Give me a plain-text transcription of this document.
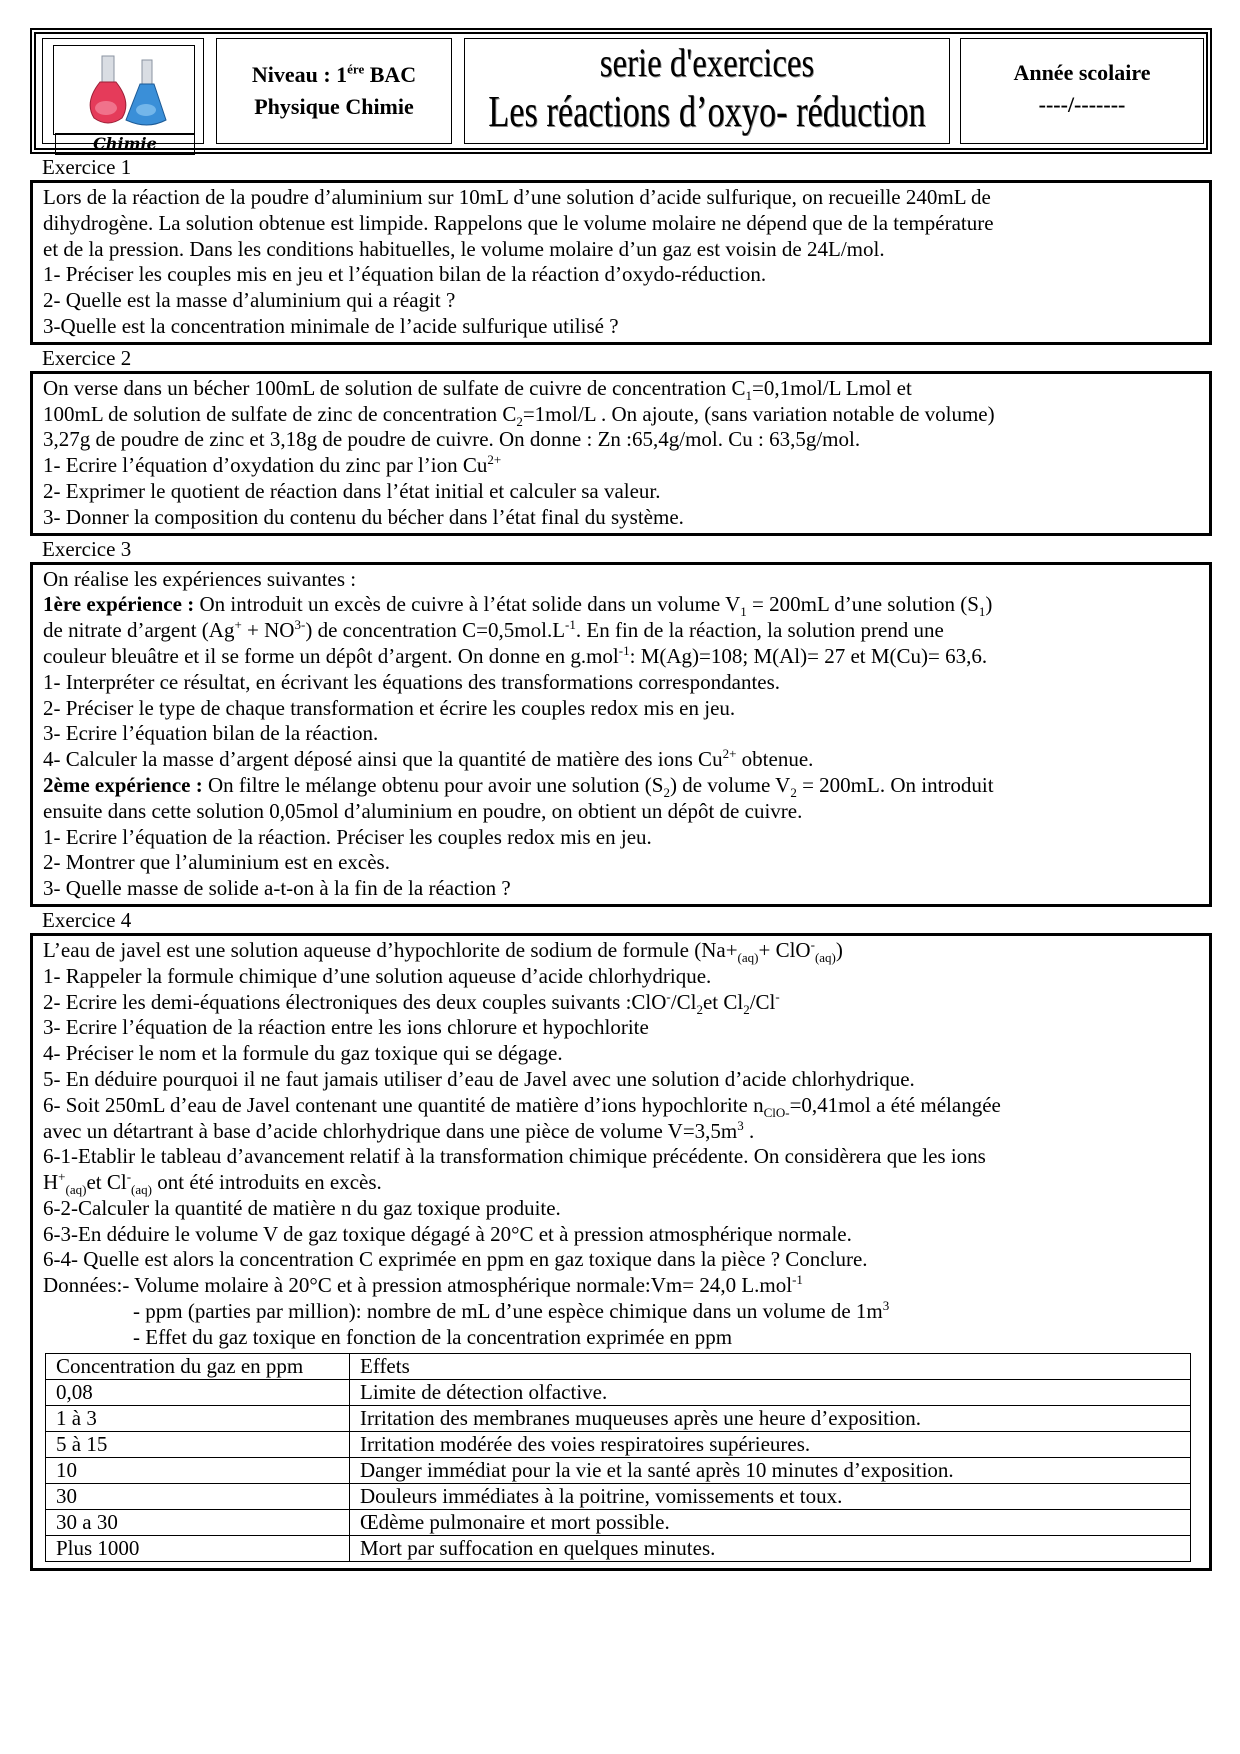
Chimie
Niveau : $1^{ére}$ BAC
Physique Chimie
serie d'exercices
Les réactions d’oxyo- réduction
Année scolaire
----/-------
Exercice 1

Lors de la réaction de la poudre d’aluminium sur 10mL d’une solution d’acide sulfurique, on recueille 240mL de

dihydrogène. La solution obtenue est limpide. Rappelons que le volume molaire ne dépend que de la température

et de la pression. Dans les conditions habituelles, le volume molaire d’un gaz est voisin de 24L/mol.

1- Préciser les couples mis en jeu et l’équation bilan de la réaction d’oxydo-réduction.

2- Quelle est la masse d’aluminium qui a réagit ?

3-Quelle est la concentration minimale de l’acide sulfurique utilisé ?

Exercice 2

On verse dans un bécher 100mL de solution de sulfate de cuivre de concentration $C_1=0,1mol/L$ Lmol et

100mL de solution de sulfate de zinc de concentration $C_2=1mol/L$ . On ajoute, (sans variation notable de volume)

3,27g de poudre de zinc et 3,18g de poudre de cuivre. On donne : Zn :65,4g/mol. Cu : 63,5g/mol.

1- Ecrire l’équation d’oxydation du zinc par l’ion $Cu^{2+}$

2- Exprimer le quotient de réaction dans l’état initial et calculer sa valeur.

3- Donner la composition du contenu du bécher dans l’état final du système.

Exercice 3

On réalise les expériences suivantes :

1ère expérience : On introduit un excès de cuivre à l’état solide dans un volume $V_1 = 200mL$ d’une solution $(S_1)$

de nitrate d’argent $(Ag^+ + NO^{3-})$ de concentration $C=0,5mol.L^{-1}$. En fin de la réaction, la solution prend une

couleur bleuâtre et il se forme un dépôt d’argent. On donne en g.mol$^{-1}$: M(Ag)=108; M(Al)= 27 et M(Cu)= 63,6.

1- Interpréter ce résultat, en écrivant les équations des transformations correspondantes.

2- Préciser le type de chaque transformation et écrire les couples redox mis en jeu.

3- Ecrire l’équation bilan de la réaction.

4- Calculer la masse d’argent déposé ainsi que la quantité de matière des ions $Cu^{2+}$ obtenue.

2ème expérience : On filtre le mélange obtenu pour avoir une solution $(S_2)$ de volume $V_2 = 200mL$. On introduit

ensuite dans cette solution 0,05mol d’aluminium en poudre, on obtient un dépôt de cuivre.

1- Ecrire l’équation de la réaction. Préciser les couples redox mis en jeu.

2- Montrer que l’aluminium est en excès.

3- Quelle masse de solide a-t-on à la fin de la réaction ?

Exercice 4

L’eau de javel est une solution aqueuse d’hypochlorite de sodium de formule $(Na+_{(aq)}+ ClO^-_{(aq)})$

1- Rappeler la formule chimique d’une solution aqueuse d’acide chlorhydrique.

2- Ecrire les demi-équations électroniques des deux couples suivants $:ClO^-/Cl_2et$ $Cl_2/Cl^-$

3- Ecrire l’équation de la réaction entre les ions chlorure et hypochlorite

4- Préciser le nom et la formule du gaz toxique qui se dégage.

5- En déduire pourquoi il ne faut jamais utiliser d’eau de Javel avec une solution d’acide chlorhydrique.

6- Soit 250mL d’eau de Javel contenant une quantité de matière d’ions hypochlorite $n_{ClO-}=0,41mol$ a été mélangée

avec un détartrant à base d’acide chlorhydrique dans une pièce de volume $V=3,5m^3$ .

6-1-Etablir le tableau d’avancement relatif à la transformation chimique précédente. On considèrera que les ions

$H^+_{(aq)}et$ $Cl^-_{(aq)}$ ont été introduits en excès.

6-2-Calculer la quantité de matière n du gaz toxique produite.

6-3-En déduire le volume V de gaz toxique dégagé à 20°C et à pression atmosphérique normale.

6-4- Quelle est alors la concentration C exprimée en ppm en gaz toxique dans la pièce ? Conclure.

Données:- Volume molaire à 20°C et à pression atmosphérique normale:Vm= 24,0 L.mol$^{-1}$

- ppm (parties par million): nombre de mL d’une espèce chimique dans un volume de $1m^3$

- Effet du gaz toxique en fonction de la concentration exprimée en ppm

Concentration du gaz en ppm	Effets
0,08	Limite de détection olfactive.
1 à 3	Irritation des membranes muqueuses après une heure d’exposition.
5 à 15	Irritation modérée des voies respiratoires supérieures.
10	Danger immédiat pour la vie et la santé après 10 minutes d’exposition.
30	Douleurs immédiates à la poitrine, vomissements et toux.
30 a 30	Œdème pulmonaire et mort possible.
Plus 1000	Mort par suffocation en quelques minutes.
